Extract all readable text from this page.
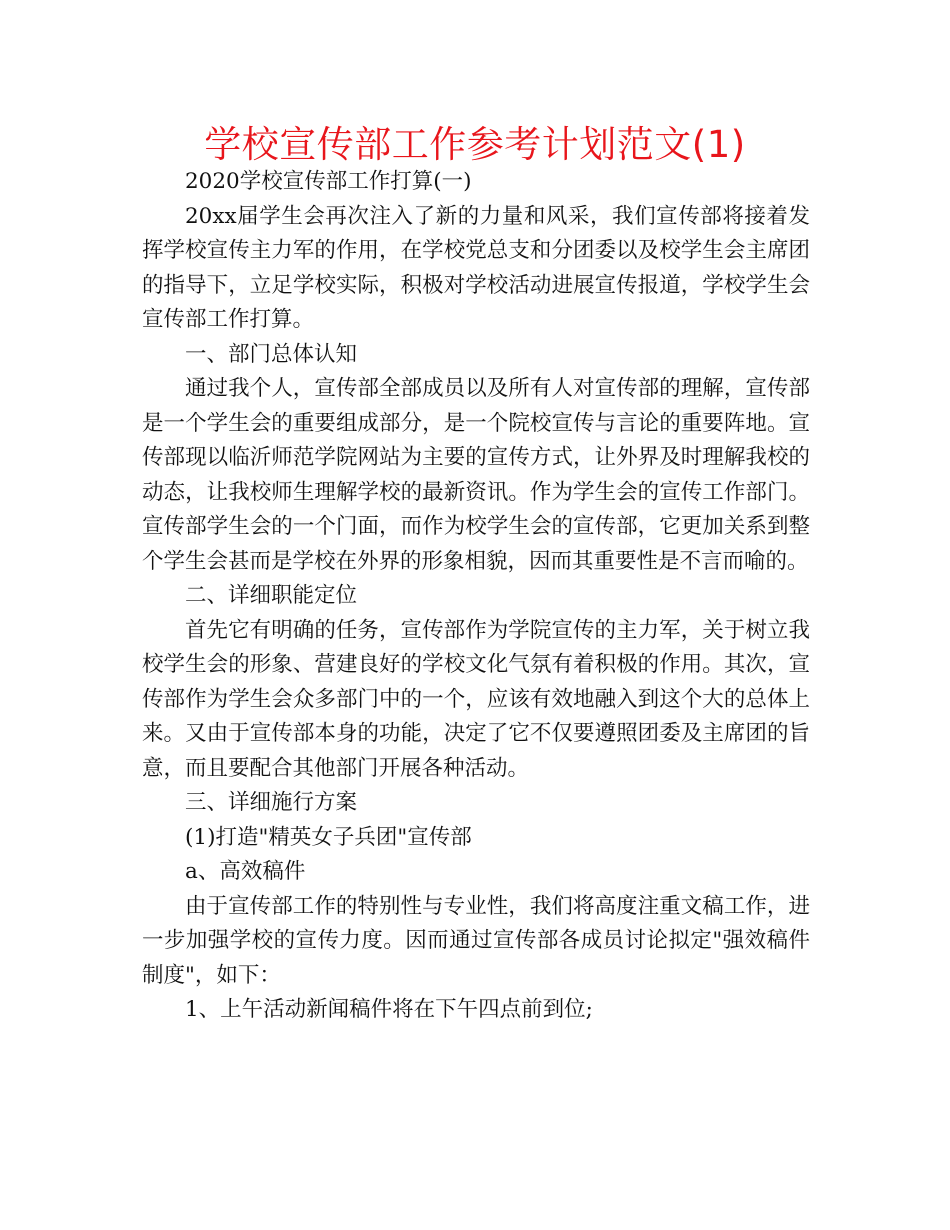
学校宣传部工作参考计划范文(1)

2020学校宣传部工作打算(一)

20xx届学生会再次注入了新的力量和风采，我们宣传部将接着发挥学校宣传主力军的作用，在学校党总支和分团委以及校学生会主席团的指导下，立足学校实际，积极对学校活动进展宣传报道，学校学生会宣传部工作打算。

一、部门总体认知

通过我个人，宣传部全部成员以及所有人对宣传部的理解，宣传部是一个学生会的重要组成部分，是一个院校宣传与言论的重要阵地。宣传部现以临沂师范学院网站为主要的宣传方式，让外界及时理解我校的动态，让我校师生理解学校的最新资讯。作为学生会的宣传工作部门。宣传部学生会的一个门面，而作为校学生会的宣传部，它更加关系到整个学生会甚而是学校在外界的形象相貌，因而其重要性是不言而喻的。

二、详细职能定位

首先它有明确的任务，宣传部作为学院宣传的主力军，关于树立我校学生会的形象、营建良好的学校文化气氛有着积极的作用。其次，宣传部作为学生会众多部门中的一个，应该有效地融入到这个大的总体上来。又由于宣传部本身的功能，决定了它不仅要遵照团委及主席团的旨意，而且要配合其他部门开展各种活动。

三、详细施行方案

(1)打造"精英女子兵团"宣传部

a、高效稿件

由于宣传部工作的特别性与专业性，我们将高度注重文稿工作，进一步加强学校的宣传力度。因而通过宣传部各成员讨论拟定"强效稿件制度"，如下：

1、上午活动新闻稿件将在下午四点前到位;
